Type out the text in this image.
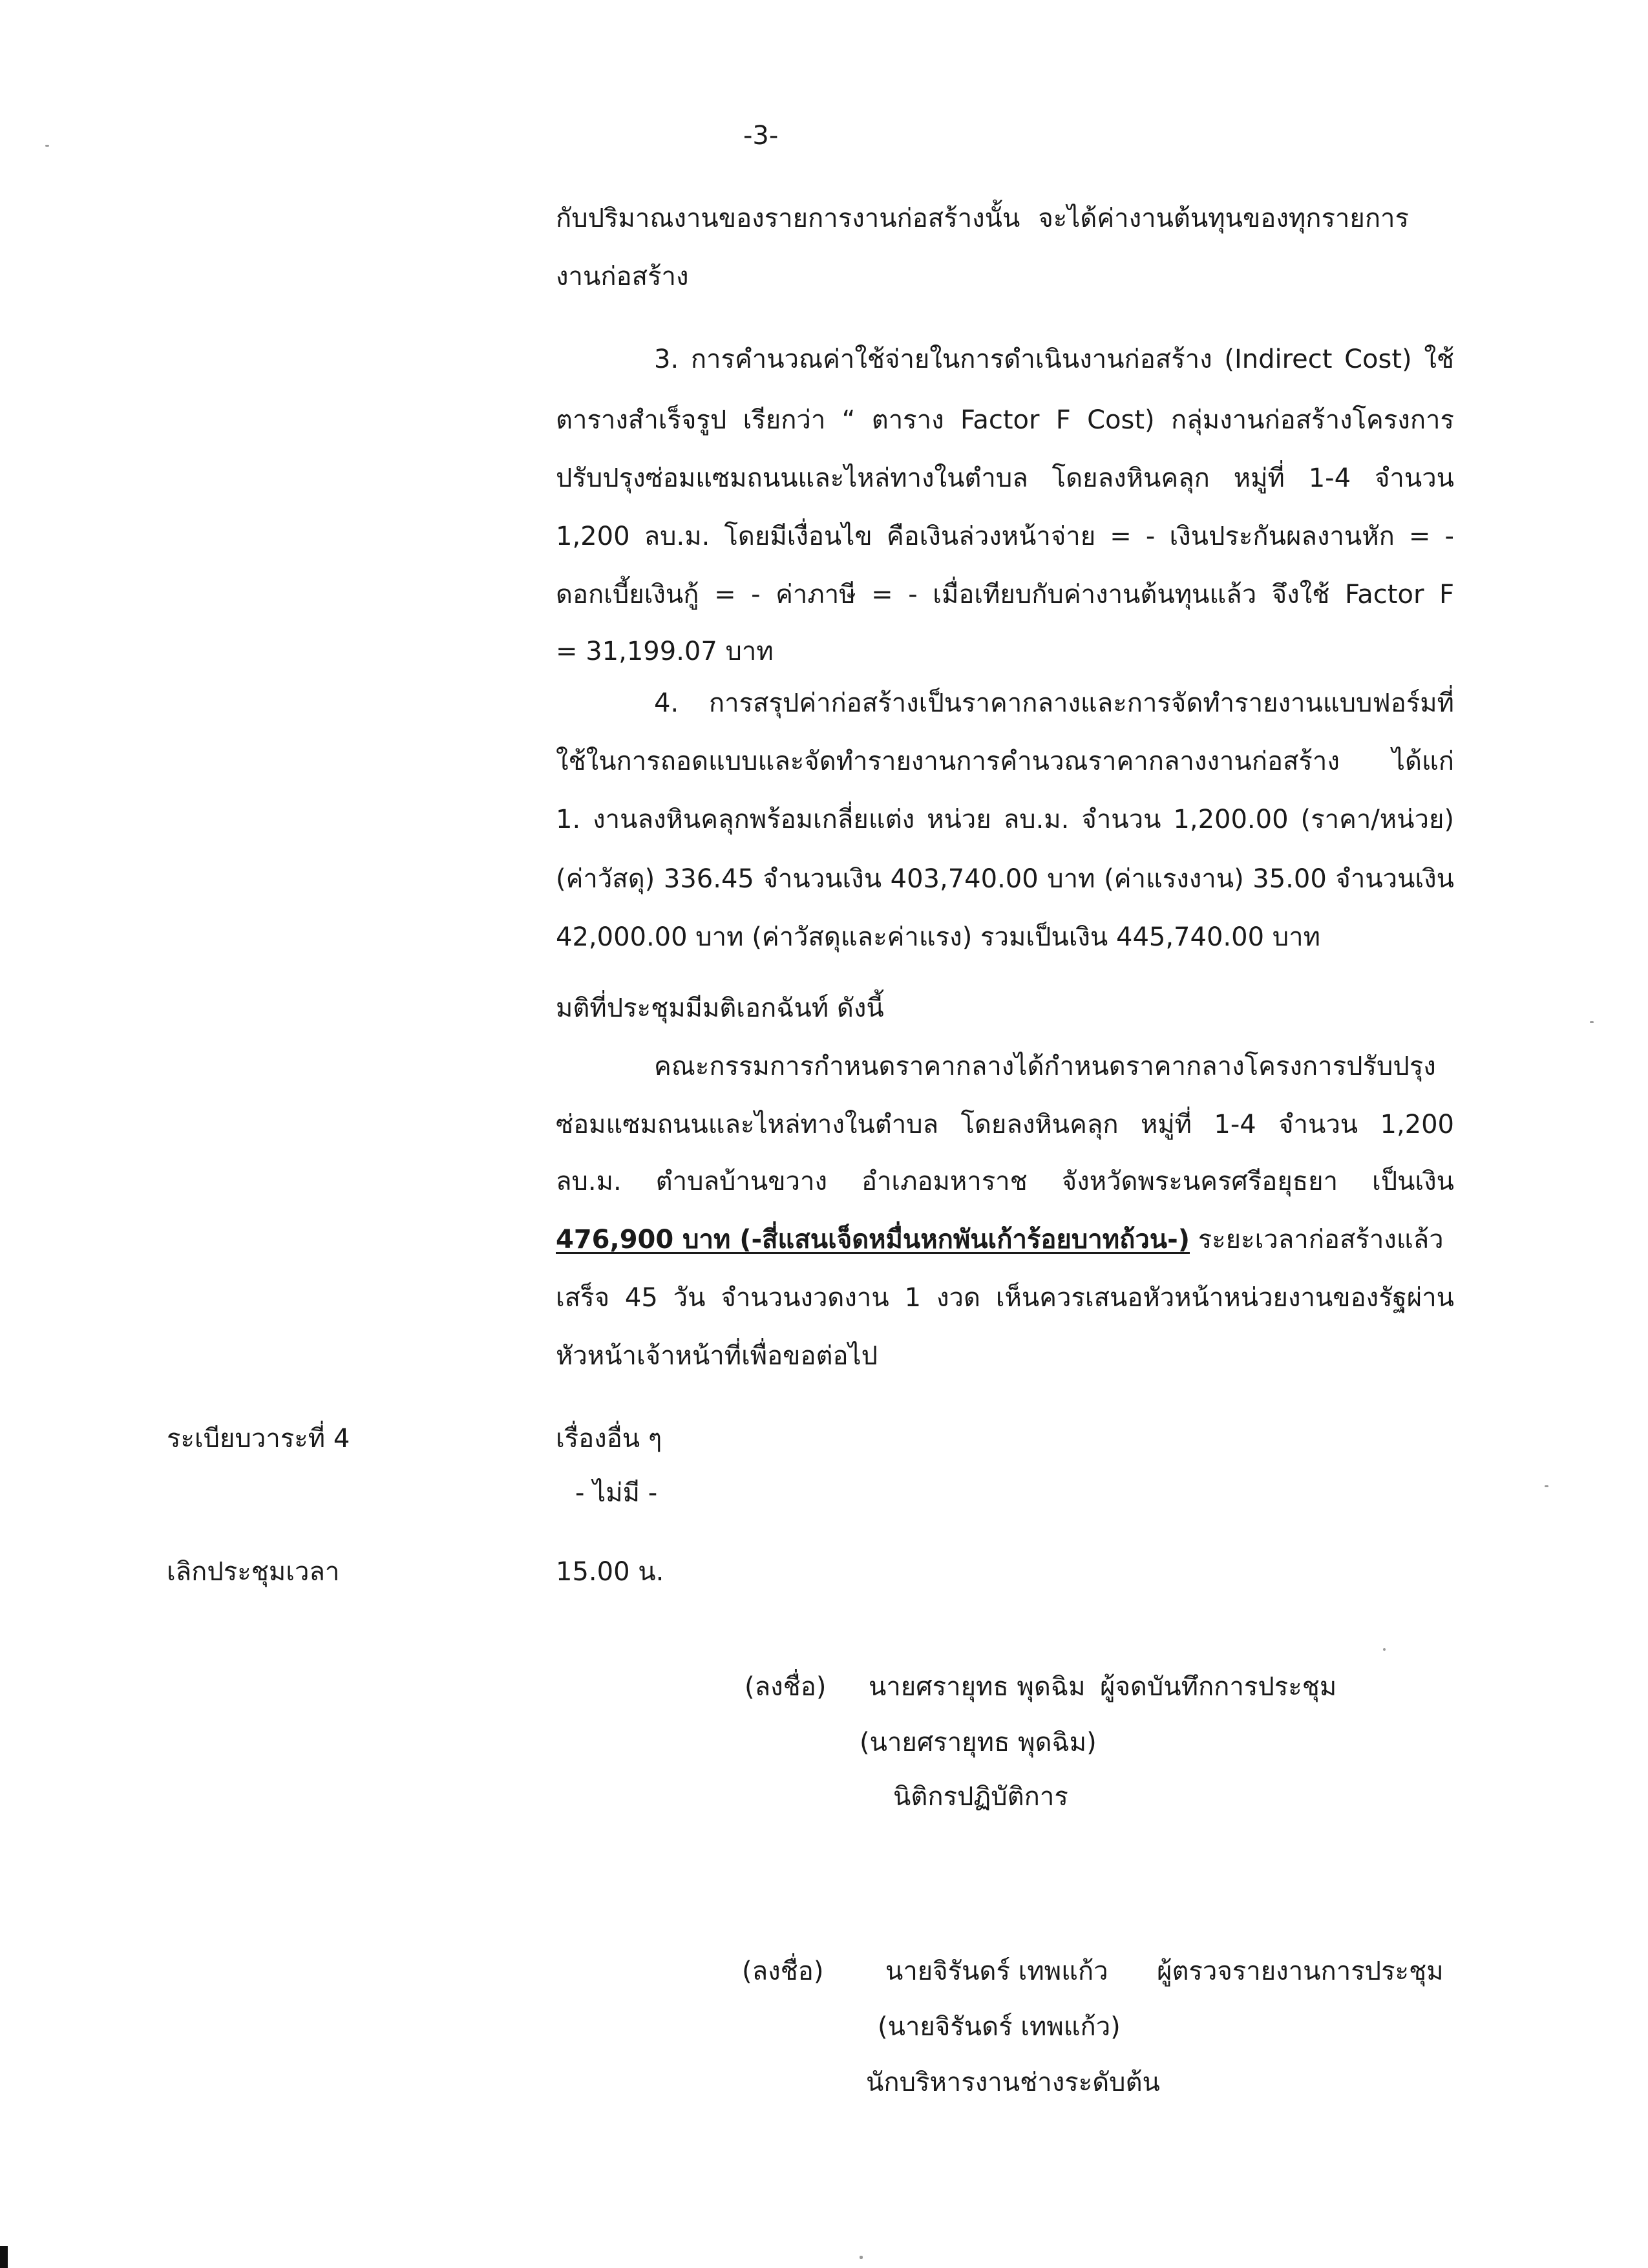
-3-
กับปริมาณงานของรายการงานก่อสร้างนั้น จะได้ค่างานต้นทุนของทุกรายการ
งานก่อสร้าง
3. การคำนวณค่าใช้จ่ายในการดำเนินงานก่อสร้าง (Indirect Cost) ใช้
ตารางสำเร็จรูป เรียกว่า “ ตาราง Factor F Cost) กลุ่มงานก่อสร้างโครงการ
ปรับปรุงซ่อมแซมถนนและไหล่ทางในตำบล โดยลงหินคลุก หมู่ที่ 1-4 จำนวน
1,200 ลบ.ม. โดยมีเงื่อนไข คือเงินล่วงหน้าจ่าย = - เงินประกันผลงานหัก = -
ดอกเบี้ยเงินกู้ = - ค่าภาษี = - เมื่อเทียบกับค่างานต้นทุนแล้ว จึงใช้ Factor F
= 31,199.07 บาท
4. การสรุปค่าก่อสร้างเป็นราคากลางและการจัดทำรายงานแบบฟอร์มที่
ใช้ในการถอดแบบและจัดทำรายงานการคำนวณราคากลางงานก่อสร้าง ได้แก่
1. งานลงหินคลุกพร้อมเกลี่ยแต่ง หน่วย ลบ.ม. จำนวน 1,200.00 (ราคา/หน่วย)
(ค่าวัสดุ) 336.45 จำนวนเงิน 403,740.00 บาท (ค่าแรงงาน) 35.00 จำนวนเงิน
42,000.00 บาท (ค่าวัสดุและค่าแรง) รวมเป็นเงิน 445,740.00 บาท
มติที่ประชุมมีมติเอกฉันท์ ดังนี้
คณะกรรมการกำหนดราคากลางได้กำหนดราคากลางโครงการปรับปรุง
ซ่อมแซมถนนและไหล่ทางในตำบล โดยลงหินคลุก หมู่ที่ 1-4 จำนวน 1,200
ลบ.ม. ตำบลบ้านขวาง อำเภอมหาราช จังหวัดพระนครศรีอยุธยา เป็นเงิน
476,900 บาท (-สี่แสนเจ็ดหมื่นหกพันเก้าร้อยบาทถ้วน-) ระยะเวลาก่อสร้างแล้ว
เสร็จ 45 วัน จำนวนงวดงาน 1 งวด เห็นควรเสนอหัวหน้าหน่วยงานของรัฐผ่าน
หัวหน้าเจ้าหน้าที่เพื่อขอต่อไป
ระเบียบวาระที่ 4	เรื่องอื่น ๆ
- ไม่มี -
เลิกประชุมเวลา	15.00 น.
(ลงชื่อ) นายศรายุทธ พุดฉิม ผู้จดบันทึกการประชุม
(นายศรายุทธ พุดฉิม)
นิติกรปฏิบัติการ
(ลงชื่อ) นายจิรันดร์ เทพแก้ว ผู้ตรวจรายงานการประชุม
(นายจิรันดร์ เทพแก้ว)
นักบริหารงานช่างระดับต้น
